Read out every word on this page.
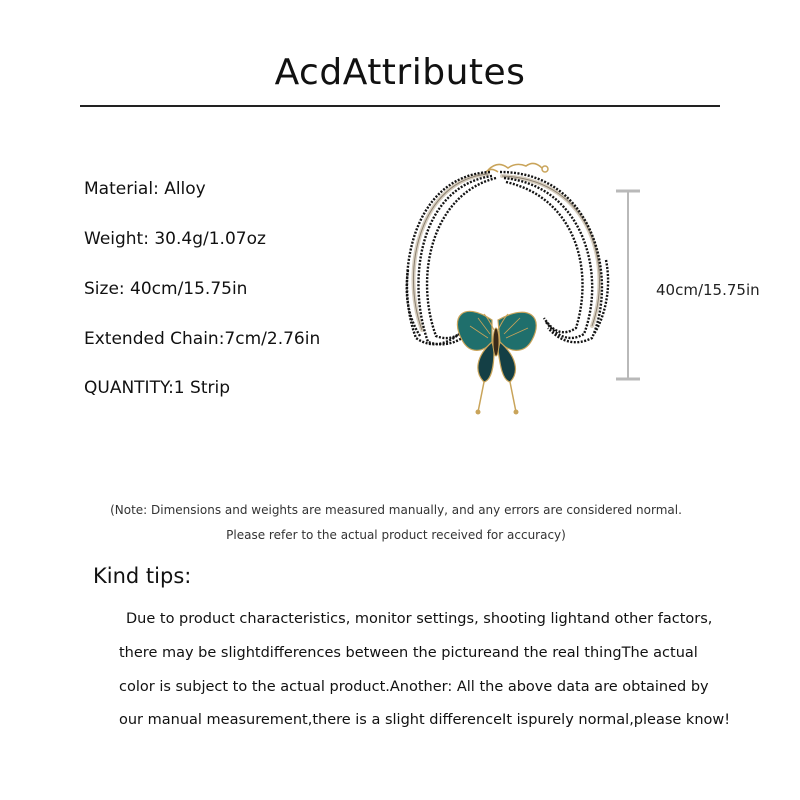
AcdAttributes
Material: Alloy
Weight: 30.4g/1.07oz
Size: 40cm/15.75in
Extended Chain:7cm/2.76in
QUANTITY:1 Strip
40cm/15.75in
(Note: Dimensions and weights are measured manually, and any errors are considered normal.
Please refer to the actual product received for accuracy)
Kind tips:
Due to product characteristics, monitor settings, shooting lightand other factors,
there may be slightdifferences between the pictureand the real thingThe actual
color is subject to the actual product.Another: All the above data are obtained by
our manual measurement,there is a slight differenceIt ispurely normal,please know!
